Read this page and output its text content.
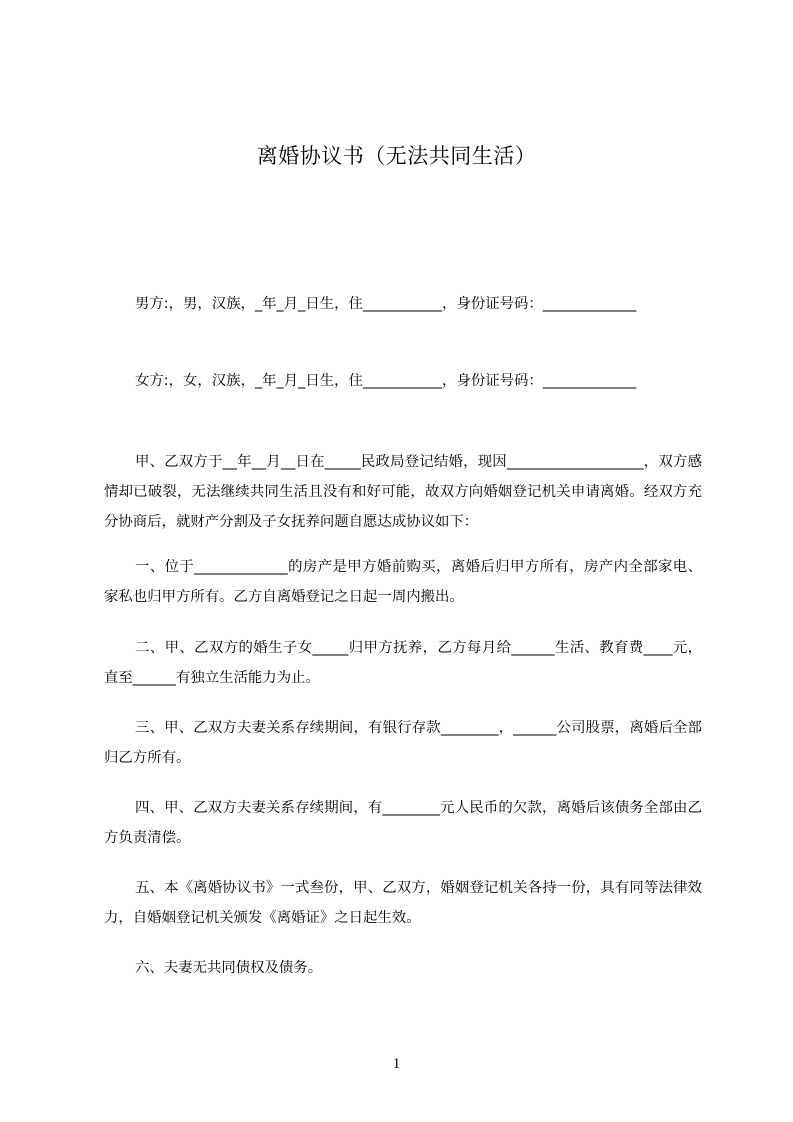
离婚协议书（无法共同生活）

男方:，男，汉族，_年_月_日生，住___________，身份证号码：_____________

女方:，女，汉族，_年_月_日生，住___________，身份证号码：_____________

甲、乙双方于__年__月__日在_____民政局登记结婚，现因___________________，双方感情却已破裂，无法继续共同生活且没有和好可能，故双方向婚姻登记机关申请离婚。经双方充分协商后，就财产分割及子女抚养问题自愿达成协议如下：

一、位于_____________的房产是甲方婚前购买，离婚后归甲方所有，房产内全部家电、家私也归甲方所有。乙方自离婚登记之日起一周内搬出。

二、甲、乙双方的婚生子女_____归甲方抚养，乙方每月给______生活、教育费____元，直至______有独立生活能力为止。

三、甲、乙双方夫妻关系存续期间，有银行存款________，______公司股票，离婚后全部归乙方所有。

四、甲、乙双方夫妻关系存续期间，有________元人民币的欠款，离婚后该债务全部由乙方负责清偿。

五、本《离婚协议书》一式叁份，甲、乙双方，婚姻登记机关各持一份，具有同等法律效力，自婚姻登记机关颁发《离婚证》之日起生效。

六、夫妻无共同债权及债务。

1
